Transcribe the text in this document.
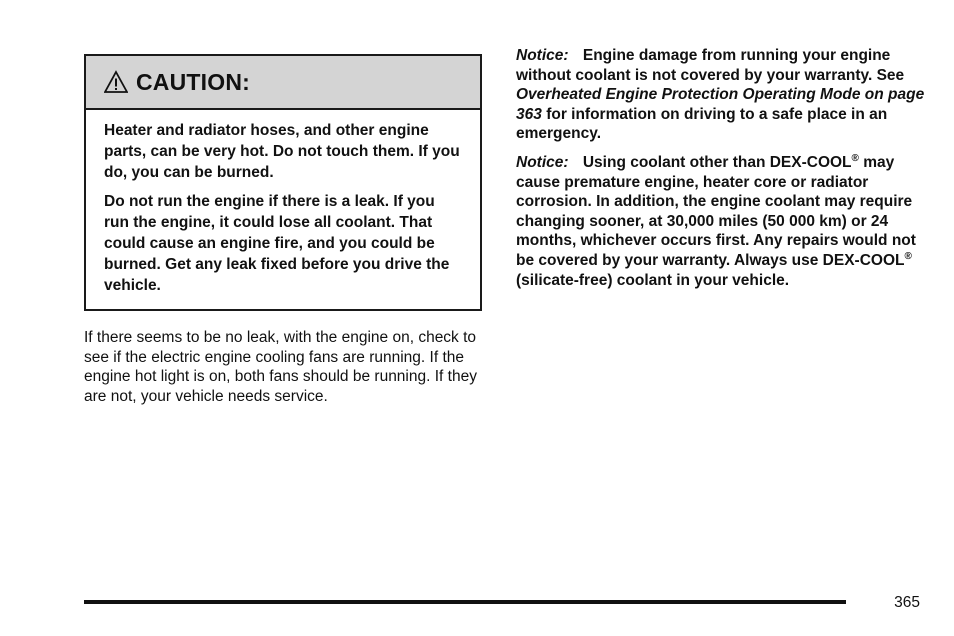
CAUTION:

Heater and radiator hoses, and other engine parts, can be very hot. Do not touch them. If you do, you can be burned.

Do not run the engine if there is a leak. If you run the engine, it could lose all coolant. That could cause an engine fire, and you could be burned. Get any leak fixed before you drive the vehicle.

If there seems to be no leak, with the engine on, check to see if the electric engine cooling fans are running. If the engine hot light is on, both fans should be running. If they are not, your vehicle needs service.

Notice: Engine damage from running your engine without coolant is not covered by your warranty. See Overheated Engine Protection Operating Mode on page 363 for information on driving to a safe place in an emergency.

Notice: Using coolant other than DEX-COOL® may cause premature engine, heater core or radiator corrosion. In addition, the engine coolant may require changing sooner, at 30,000 miles (50 000 km) or 24 months, whichever occurs first. Any repairs would not be covered by your warranty. Always use DEX-COOL® (silicate-free) coolant in your vehicle.

365
